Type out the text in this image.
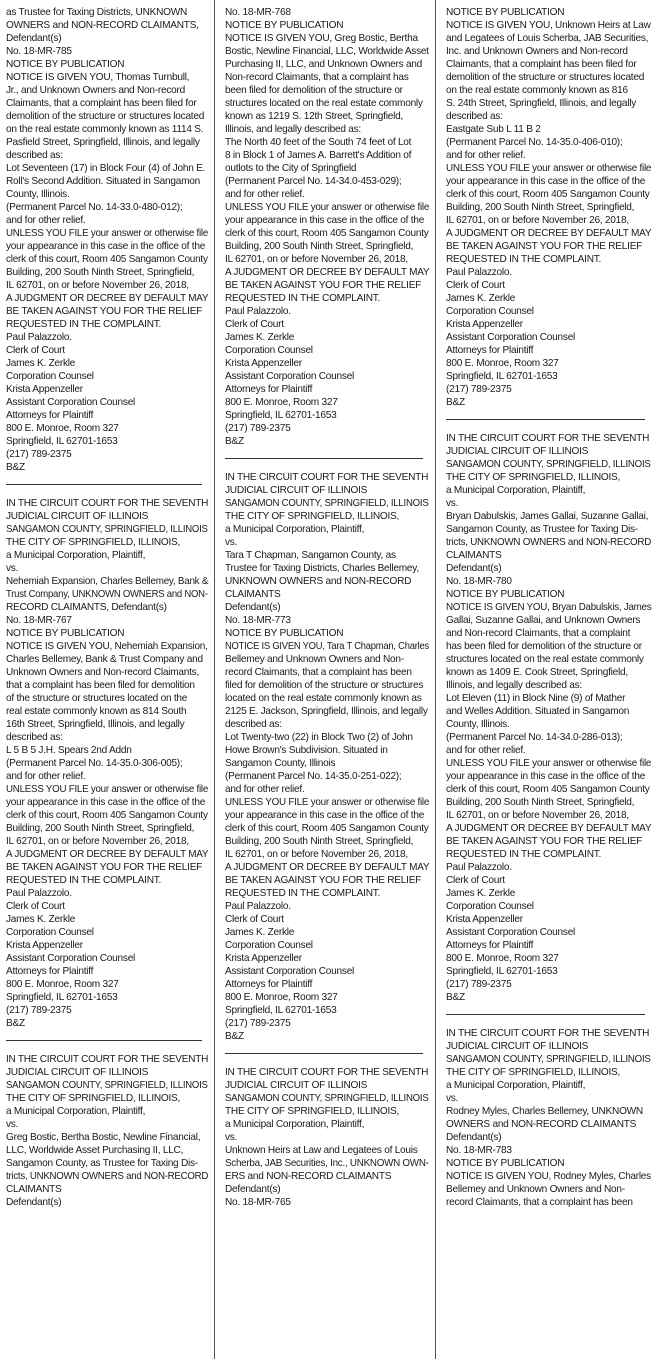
as Trustee for Taxing Districts, UNKNOWN
OWNERS and NON-RECORD CLAIMANTS,
Defendant(s)
No. 18-MR-785
NOTICE BY PUBLICATION
NOTICE IS GIVEN YOU, Thomas Turnbull,
Jr., and Unknown Owners and Non-record
Claimants, that a complaint has been filed for
demolition of the structure or structures located
on the real estate commonly known as 1114 S.
Pasfield Street, Springfield, Illinois, and legally
described as:
Lot Seventeen (17) in Block Four (4) of John E.
Roll's Second Addition. Situated in Sangamon
County, Illinois.
(Permanent Parcel No. 14-33.0-480-012);
and for other relief.
UNLESS YOU FILE your answer or otherwise file
your appearance in this case in the office of the
clerk of this court, Room 405 Sangamon County
Building, 200 South Ninth Street, Springfield,
IL 62701, on or before November 26, 2018,
A JUDGMENT OR DECREE BY DEFAULT MAY
BE TAKEN AGAINST YOU FOR THE RELIEF
REQUESTED IN THE COMPLAINT.
Paul Palazzolo.
Clerk of Court
James K. Zerkle
Corporation Counsel
Krista Appenzeller
Assistant Corporation Counsel
Attorneys for Plaintiff
800 E. Monroe, Room 327
Springfield, IL 62701-1653
(217) 789-2375
B&Z
IN THE CIRCUIT COURT FOR THE SEVENTH
JUDICIAL CIRCUIT OF ILLINOIS
SANGAMON COUNTY, SPRINGFIELD, ILLINOIS
THE CITY OF SPRINGFIELD, ILLINOIS,
a Municipal Corporation, Plaintiff,
vs.
Nehemiah Expansion, Charles Bellemey, Bank &
Trust Company, UNKNOWN OWNERS and NON-
RECORD CLAIMANTS, Defendant(s)
No. 18-MR-767
NOTICE BY PUBLICATION
NOTICE IS GIVEN YOU, Nehemiah Expansion,
Charles Bellemey, Bank & Trust Company and
Unknown Owners and Non-record Claimants,
that a complaint has been filed for demolition
of the structure or structures located on the
real estate commonly known as 814 South
16th Street, Springfield, Illinois, and legally
described as:
L 5 B 5 J.H. Spears 2nd Addn
(Permanent Parcel No. 14-35.0-306-005);
and for other relief.
UNLESS YOU FILE your answer or otherwise file
your appearance in this case in the office of the
clerk of this court, Room 405 Sangamon County
Building, 200 South Ninth Street, Springfield,
IL 62701, on or before November 26, 2018,
A JUDGMENT OR DECREE BY DEFAULT MAY
BE TAKEN AGAINST YOU FOR THE RELIEF
REQUESTED IN THE COMPLAINT.
Paul Palazzolo.
Clerk of Court
James K. Zerkle
Corporation Counsel
Krista Appenzeller
Assistant Corporation Counsel
Attorneys for Plaintiff
800 E. Monroe, Room 327
Springfield, IL 62701-1653
(217) 789-2375
B&Z
IN THE CIRCUIT COURT FOR THE SEVENTH
JUDICIAL CIRCUIT OF ILLINOIS
SANGAMON COUNTY, SPRINGFIELD, ILLINOIS
THE CITY OF SPRINGFIELD, ILLINOIS,
a Municipal Corporation, Plaintiff,
vs.
Greg Bostic, Bertha Bostic, Newline Financial,
LLC, Worldwide Asset Purchasing II, LLC,
Sangamon County, as Trustee for Taxing Dis-
tricts, UNKNOWN OWNERS and NON-RECORD
CLAIMANTS
Defendant(s)
No. 18-MR-768
NOTICE BY PUBLICATION
NOTICE IS GIVEN YOU, Greg Bostic, Bertha
Bostic, Newline Financial, LLC, Worldwide Asset
Purchasing II, LLC, and Unknown Owners and
Non-record Claimants, that a complaint has
been filed for demolition of the structure or
structures located on the real estate commonly
known as 1219 S. 12th Street, Springfield,
Illinois, and legally described as:
The North 40 feet of the South 74 feet of Lot
8 in Block 1 of James A. Barrett's Addition of
outlots to the City of Springfield
(Permanent Parcel No. 14-34.0-453-029);
and for other relief.
UNLESS YOU FILE your answer or otherwise file
your appearance in this case in the office of the
clerk of this court, Room 405 Sangamon County
Building, 200 South Ninth Street, Springfield,
IL 62701, on or before November 26, 2018,
A JUDGMENT OR DECREE BY DEFAULT MAY
BE TAKEN AGAINST YOU FOR THE RELIEF
REQUESTED IN THE COMPLAINT.
Paul Palazzolo.
Clerk of Court
James K. Zerkle
Corporation Counsel
Krista Appenzeller
Assistant Corporation Counsel
Attorneys for Plaintiff
800 E. Monroe, Room 327
Springfield, IL 62701-1653
(217) 789-2375
B&Z
IN THE CIRCUIT COURT FOR THE SEVENTH
JUDICIAL CIRCUIT OF ILLINOIS
SANGAMON COUNTY, SPRINGFIELD, ILLINOIS
THE CITY OF SPRINGFIELD, ILLINOIS,
a Municipal Corporation, Plaintiff,
vs.
Tara T Chapman, Sangamon County, as
Trustee for Taxing Districts, Charles Bellemey,
UNKNOWN OWNERS and NON-RECORD
CLAIMANTS
Defendant(s)
No. 18-MR-773
NOTICE BY PUBLICATION
NOTICE IS GIVEN YOU, Tara T Chapman, Charles
Bellemey and Unknown Owners and Non-
record Claimants, that a complaint has been
filed for demolition of the structure or structures
located on the real estate commonly known as
2125 E. Jackson, Springfield, Illinois, and legally
described as:
Lot Twenty-two (22) in Block Two (2) of John
Howe Brown's Subdivision. Situated in
Sangamon County, Illinois
(Permanent Parcel No. 14-35.0-251-022);
and for other relief.
UNLESS YOU FILE your answer or otherwise file
your appearance in this case in the office of the
clerk of this court, Room 405 Sangamon County
Building, 200 South Ninth Street, Springfield,
IL 62701, on or before November 26, 2018,
A JUDGMENT OR DECREE BY DEFAULT MAY
BE TAKEN AGAINST YOU FOR THE RELIEF
REQUESTED IN THE COMPLAINT.
Paul Palazzolo.
Clerk of Court
James K. Zerkle
Corporation Counsel
Krista Appenzeller
Assistant Corporation Counsel
Attorneys for Plaintiff
800 E. Monroe, Room 327
Springfield, IL 62701-1653
(217) 789-2375
B&Z
IN THE CIRCUIT COURT FOR THE SEVENTH
JUDICIAL CIRCUIT OF ILLINOIS
SANGAMON COUNTY, SPRINGFIELD, ILLINOIS
THE CITY OF SPRINGFIELD, ILLINOIS,
a Municipal Corporation, Plaintiff,
vs.
Unknown Heirs at Law and Legatees of Louis
Scherba, JAB Securities, Inc., UNKNOWN OWN-
ERS and NON-RECORD CLAIMANTS
Defendant(s)
No. 18-MR-765
NOTICE BY PUBLICATION
NOTICE IS GIVEN YOU, Unknown Heirs at Law
and Legatees of Louis Scherba, JAB Securities,
Inc. and Unknown Owners and Non-record
Claimants, that a complaint has been filed for
demolition of the structure or structures located
on the real estate commonly known as 816
S. 24th Street, Springfield, Illinois, and legally
described as:
Eastgate Sub L 11 B 2
(Permanent Parcel No. 14-35.0-406-010);
and for other relief.
UNLESS YOU FILE your answer or otherwise file
your appearance in this case in the office of the
clerk of this court, Room 405 Sangamon County
Building, 200 South Ninth Street, Springfield,
IL 62701, on or before November 26, 2018,
A JUDGMENT OR DECREE BY DEFAULT MAY
BE TAKEN AGAINST YOU FOR THE RELIEF
REQUESTED IN THE COMPLAINT.
Paul Palazzolo.
Clerk of Court
James K. Zerkle
Corporation Counsel
Krista Appenzeller
Assistant Corporation Counsel
Attorneys for Plaintiff
800 E. Monroe, Room 327
Springfield, IL 62701-1653
(217) 789-2375
B&Z
IN THE CIRCUIT COURT FOR THE SEVENTH
JUDICIAL CIRCUIT OF ILLINOIS
SANGAMON COUNTY, SPRINGFIELD, ILLINOIS
THE CITY OF SPRINGFIELD, ILLINOIS,
a Municipal Corporation, Plaintiff,
vs.
Bryan Dabulskis, James Gallai, Suzanne Gallai,
Sangamon County, as Trustee for Taxing Dis-
tricts, UNKNOWN OWNERS and NON-RECORD
CLAIMANTS
Defendant(s)
No. 18-MR-780
NOTICE BY PUBLICATION
NOTICE IS GIVEN YOU, Bryan Dabulskis, James
Gallai, Suzanne Gallai, and Unknown Owners
and Non-record Claimants, that a complaint
has been filed for demolition of the structure or
structures located on the real estate commonly
known as 1409 E. Cook Street, Springfield,
Illinois, and legally described as:
Lot Eleven (11) in Block Nine (9) of Mather
and Welles Addition. Situated in Sangamon
County, Illinois.
(Permanent Parcel No. 14-34.0-286-013);
and for other relief.
UNLESS YOU FILE your answer or otherwise file
your appearance in this case in the office of the
clerk of this court, Room 405 Sangamon County
Building, 200 South Ninth Street, Springfield,
IL 62701, on or before November 26, 2018,
A JUDGMENT OR DECREE BY DEFAULT MAY
BE TAKEN AGAINST YOU FOR THE RELIEF
REQUESTED IN THE COMPLAINT.
Paul Palazzolo.
Clerk of Court
James K. Zerkle
Corporation Counsel
Krista Appenzeller
Assistant Corporation Counsel
Attorneys for Plaintiff
800 E. Monroe, Room 327
Springfield, IL 62701-1653
(217) 789-2375
B&Z
IN THE CIRCUIT COURT FOR THE SEVENTH
JUDICIAL CIRCUIT OF ILLINOIS
SANGAMON COUNTY, SPRINGFIELD, ILLINOIS
THE CITY OF SPRINGFIELD, ILLINOIS,
a Municipal Corporation, Plaintiff,
vs.
Rodney Myles, Charles Bellemey, UNKNOWN
OWNERS and NON-RECORD CLAIMANTS
Defendant(s)
No. 18-MR-783
NOTICE BY PUBLICATION
NOTICE IS GIVEN YOU, Rodney Myles, Charles
Bellemey and Unknown Owners and Non-
record Claimants, that a complaint has been
